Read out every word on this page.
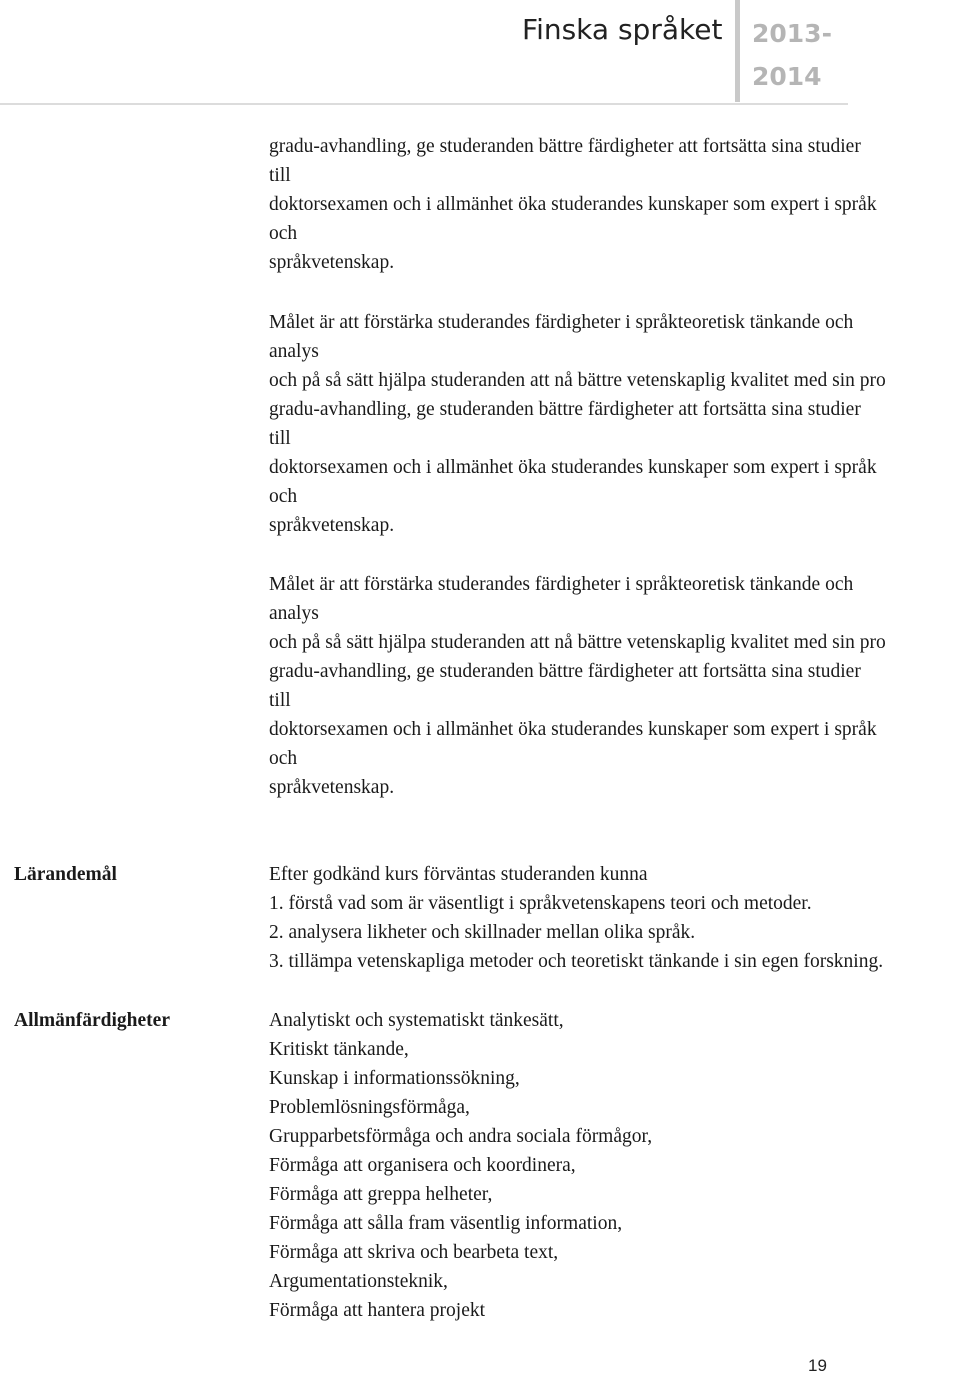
Finska språket 2013-
2014
gradu-avhandling, ge studeranden bättre färdigheter att fortsätta sina studier
till
doktorsexamen och i allmänhet öka studerandes kunskaper som expert i språk
och
språkvetenskap.
Målet är att förstärka studerandes färdigheter i språkteoretisk tänkande och
analys
och på så sätt hjälpa studeranden att nå bättre vetenskaplig kvalitet med sin pro
gradu-avhandling, ge studeranden bättre färdigheter att fortsätta sina studier
till
doktorsexamen och i allmänhet öka studerandes kunskaper som expert i språk
och
språkvetenskap.
Målet är att förstärka studerandes färdigheter i språkteoretisk tänkande och
analys
och på så sätt hjälpa studeranden att nå bättre vetenskaplig kvalitet med sin pro
gradu-avhandling, ge studeranden bättre färdigheter att fortsätta sina studier
till
doktorsexamen och i allmänhet öka studerandes kunskaper som expert i språk
och
språkvetenskap.
Lärandemål	Efter godkänd kurs förväntas studeranden kunna
1. förstå vad som är väsentligt i språkvetenskapens teori och metoder.
2. analysera likheter och skillnader mellan olika språk.
3. tillämpa vetenskapliga metoder och teoretiskt tänkande i sin egen forskning.
Allmänfärdigheter	Analytiskt och systematiskt tänkesätt,
Kritiskt tänkande,
Kunskap i informationssökning,
Problemlösningsförmåga,
Grupparbetsförmåga och andra sociala förmågor,
Förmåga att organisera och koordinera,
Förmåga att greppa helheter,
Förmåga att sålla fram väsentlig information,
Förmåga att skriva och bearbeta text,
Argumentationsteknik,
Förmåga att hantera projekt
19
